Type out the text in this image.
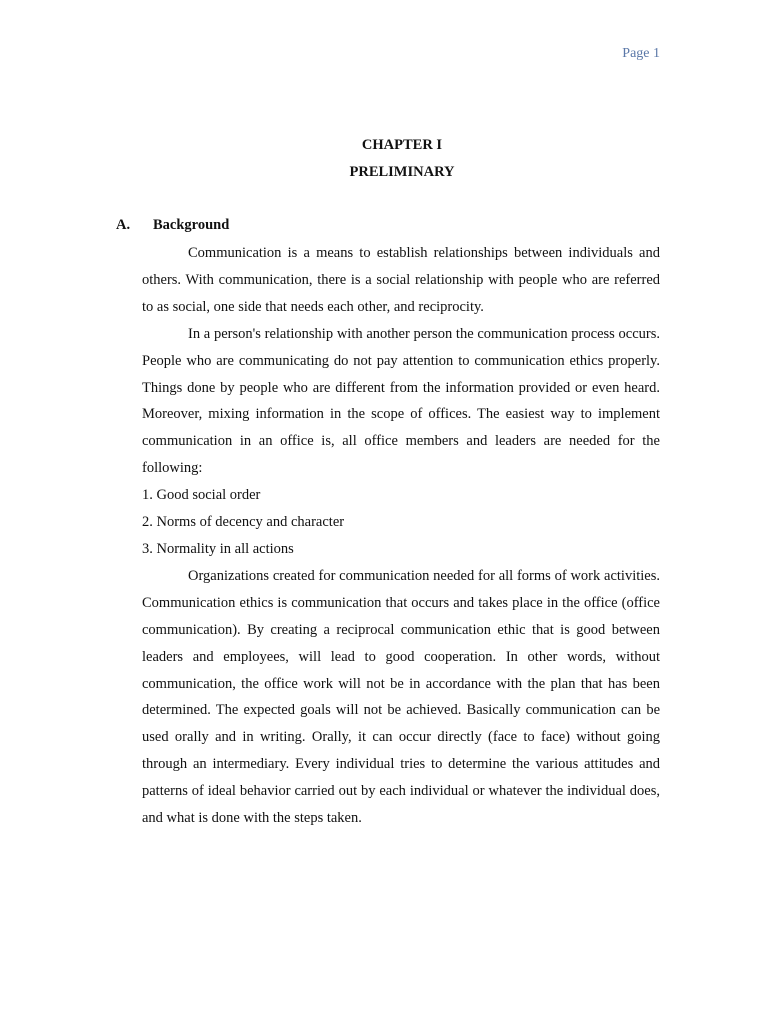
Page 1
CHAPTER I
PRELIMINARY
A. Background

Communication is a means to establish relationships between individuals and others. With communication, there is a social relationship with people who are referred to as social, one side that needs each other, and reciprocity.

In a person's relationship with another person the communication process occurs. People who are communicating do not pay attention to communication ethics properly. Things done by people who are different from the information provided or even heard. Moreover, mixing information in the scope of offices. The easiest way to implement communication in an office is, all office members and leaders are needed for the following:

1. Good social order

2. Norms of decency and character

3. Normality in all actions

Organizations created for communication needed for all forms of work activities. Communication ethics is communication that occurs and takes place in the office (office communication). By creating a reciprocal communication ethic that is good between leaders and employees, will lead to good cooperation. In other words, without communication, the office work will not be in accordance with the plan that has been determined. The expected goals will not be achieved. Basically communication can be used orally and in writing. Orally, it can occur directly (face to face) without going through an intermediary. Every individual tries to determine the various attitudes and patterns of ideal behavior carried out by each individual or whatever the individual does, and what is done with the steps taken.
